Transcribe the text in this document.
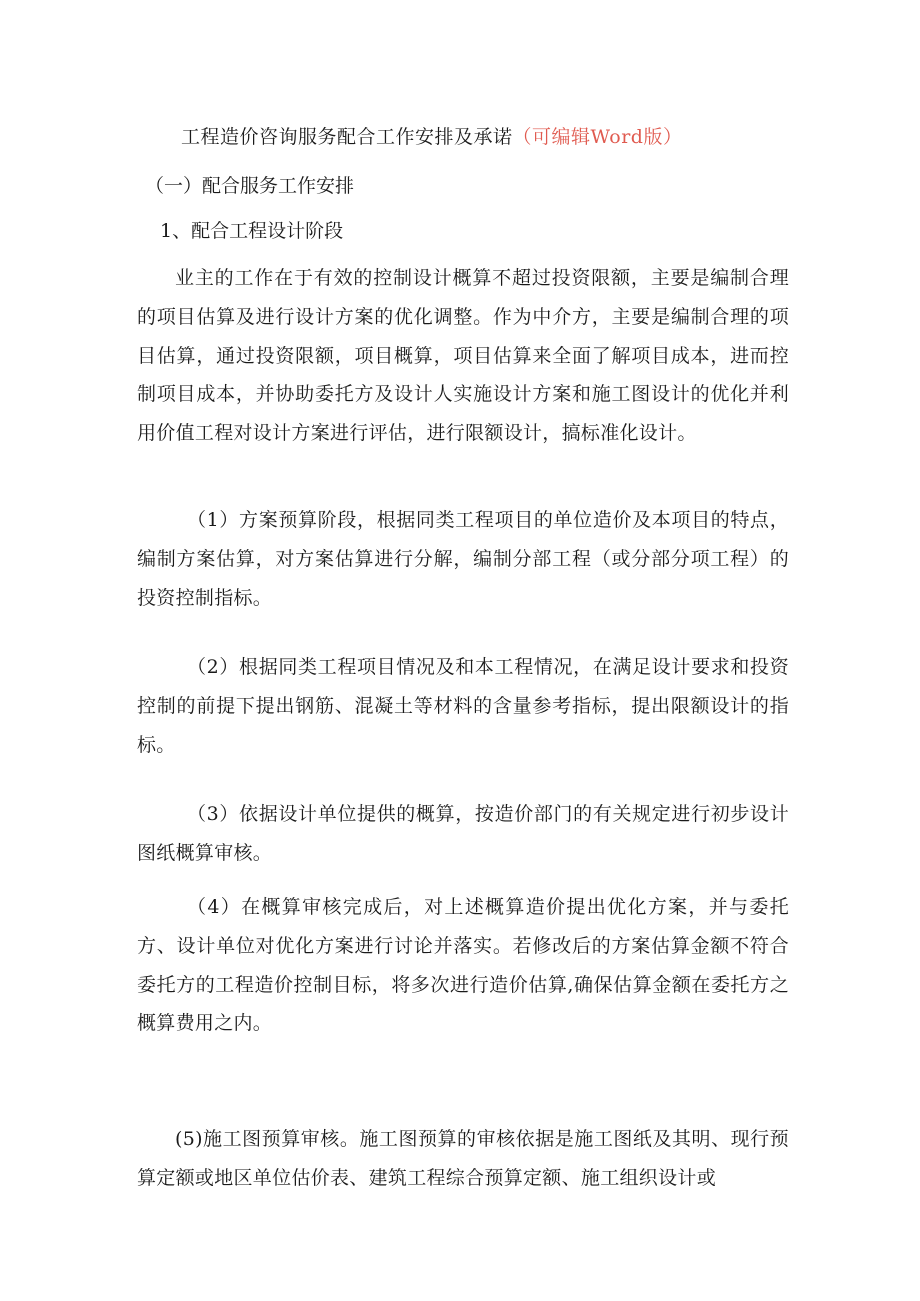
工程造价咨询服务配合工作安排及承诺（可编辑Word版）
（一）配合服务工作安排
1、配合工程设计阶段
业主的工作在于有效的控制设计概算不超过投资限额，主要是编制合理的项目估算及进行设计方案的优化调整。作为中介方，主要是编制合理的项目估算，通过投资限额，项目概算，项目估算来全面了解项目成本，进而控制项目成本，并协助委托方及设计人实施设计方案和施工图设计的优化并利用价值工程对设计方案进行评估，进行限额设计，搞标准化设计。
（1）方案预算阶段，根据同类工程项目的单位造价及本项目的特点，编制方案估算，对方案估算进行分解，编制分部工程（或分部分项工程）的投资控制指标。
（2）根据同类工程项目情况及和本工程情况，在满足设计要求和投资控制的前提下提出钢筋、混凝土等材料的含量参考指标，提出限额设计的指标。
（3）依据设计单位提供的概算，按造价部门的有关规定进行初步设计图纸概算审核。
（4）在概算审核完成后，对上述概算造价提出优化方案，并与委托方、设计单位对优化方案进行讨论并落实。若修改后的方案估算金额不符合委托方的工程造价控制目标，将多次进行造价估算,确保估算金额在委托方之概算费用之内。
(5)施工图预算审核。施工图预算的审核依据是施工图纸及其明、现行预算定额或地区单位估价表、建筑工程综合预算定额、施工组织设计或
